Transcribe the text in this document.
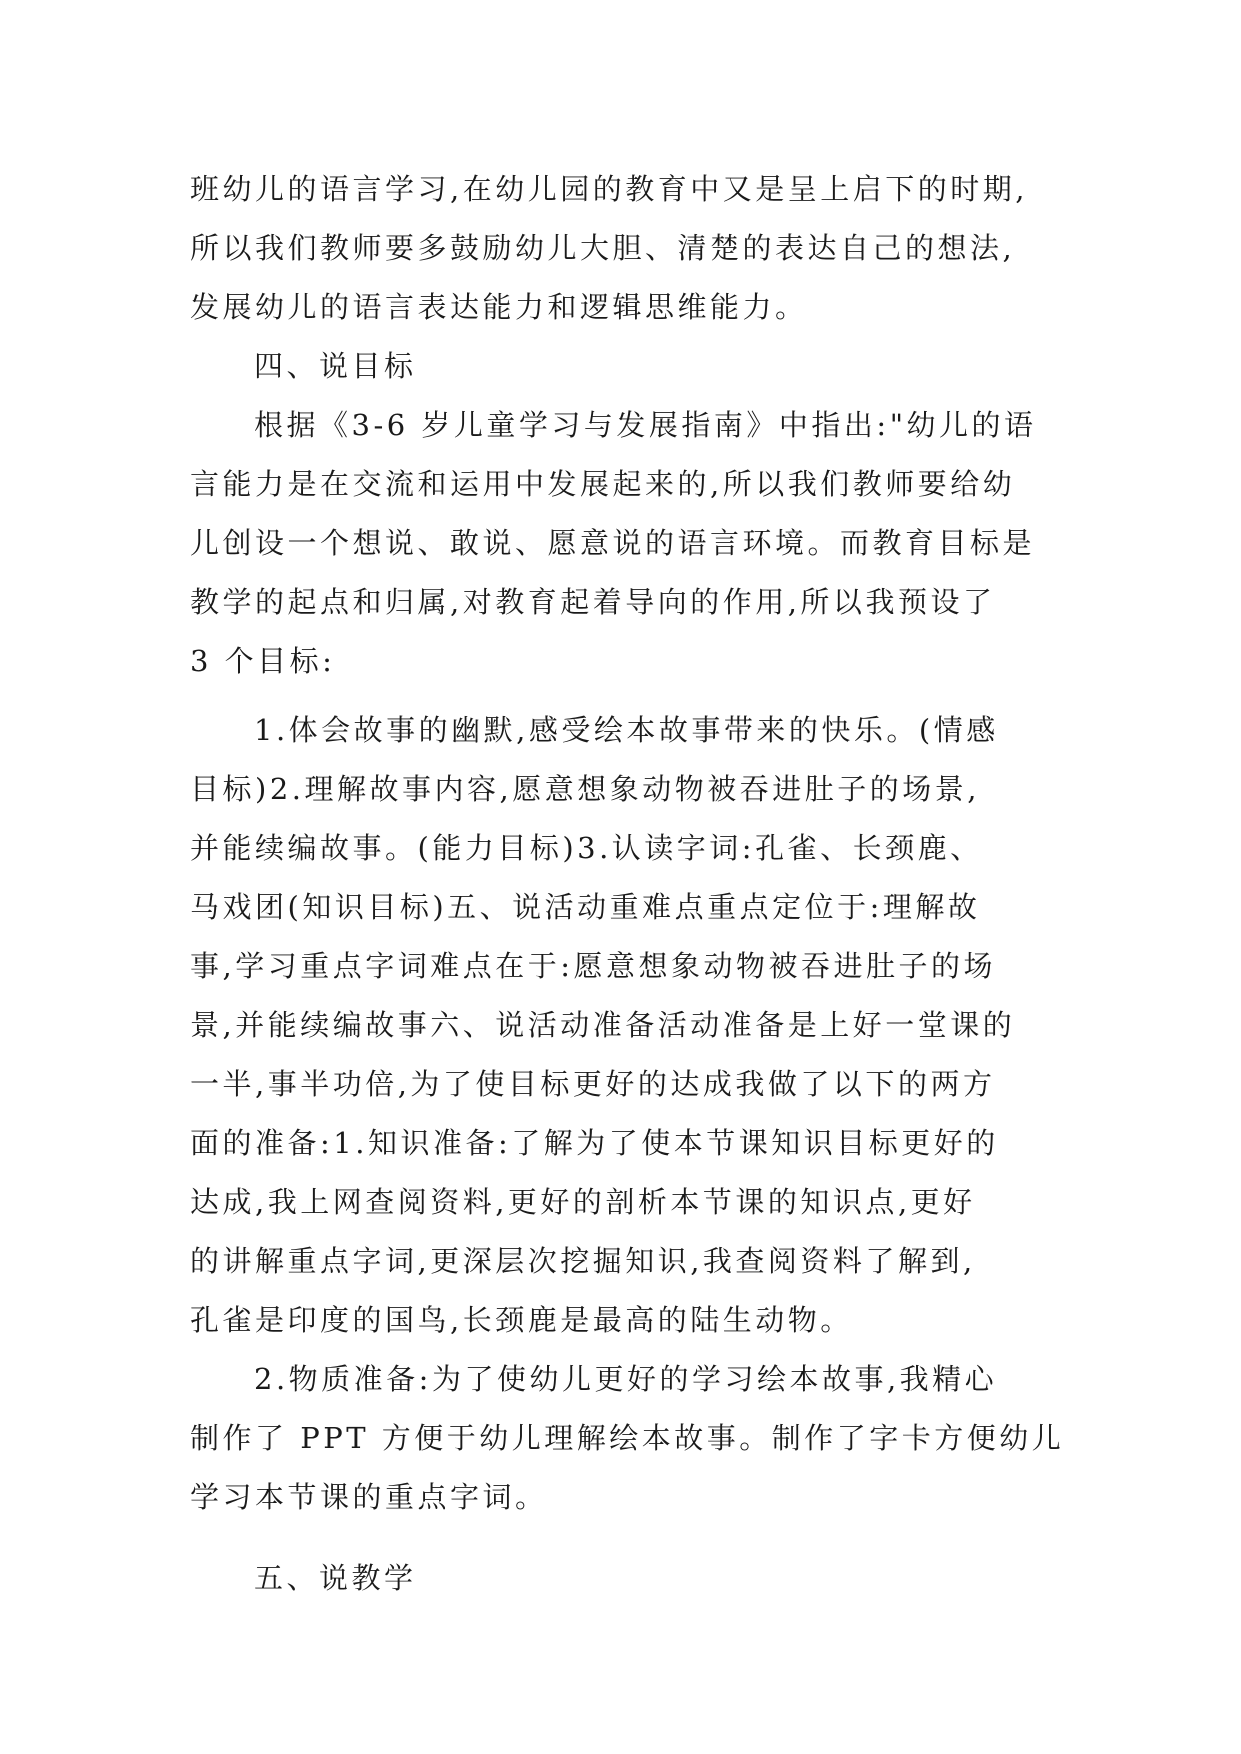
班幼儿的语言学习,在幼儿园的教育中又是呈上启下的时期,
所以我们教师要多鼓励幼儿大胆、清楚的表达自己的想法,
发展幼儿的语言表达能力和逻辑思维能力。
四、说目标
根据《3-6 岁儿童学习与发展指南》中指出:"幼儿的语
言能力是在交流和运用中发展起来的,所以我们教师要给幼
儿创设一个想说、敢说、愿意说的语言环境。而教育目标是
教学的起点和归属,对教育起着导向的作用,所以我预设了
3 个目标:
1.体会故事的幽默,感受绘本故事带来的快乐。(情感
目标)2.理解故事内容,愿意想象动物被吞进肚子的场景,
并能续编故事。(能力目标)3.认读字词:孔雀、长颈鹿、
马戏团(知识目标)五、说活动重难点重点定位于:理解故
事,学习重点字词难点在于:愿意想象动物被吞进肚子的场
景,并能续编故事六、说活动准备活动准备是上好一堂课的
一半,事半功倍,为了使目标更好的达成我做了以下的两方
面的准备:1.知识准备:了解为了使本节课知识目标更好的
达成,我上网查阅资料,更好的剖析本节课的知识点,更好
的讲解重点字词,更深层次挖掘知识,我查阅资料了解到,
孔雀是印度的国鸟,长颈鹿是最高的陆生动物。
2.物质准备:为了使幼儿更好的学习绘本故事,我精心
制作了 PPT 方便于幼儿理解绘本故事。制作了字卡方便幼儿
学习本节课的重点字词。
五、说教学
